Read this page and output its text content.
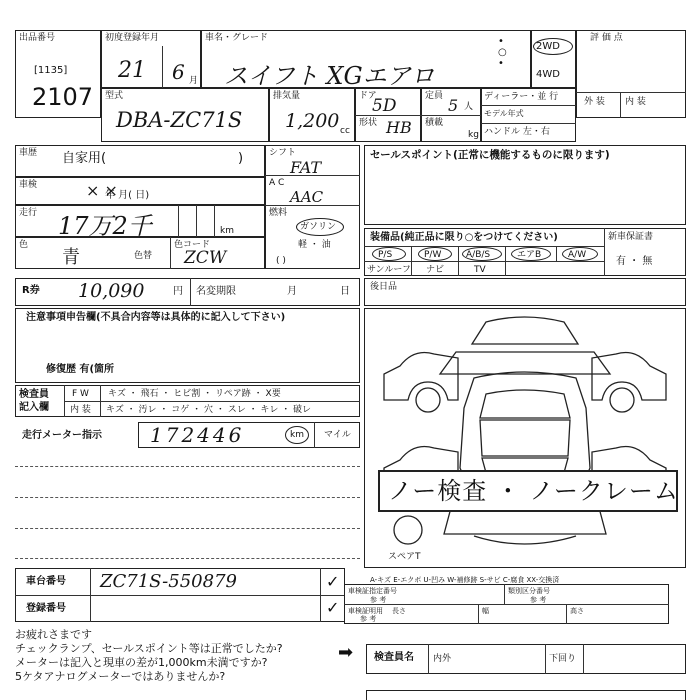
出品番号
[1135]
2107
初度登録年月
21 6 月
車名・グレード
スイフト XGエアロ
2WD
4WD
•
○
•
評 価 点
外 装 内 装
型式
DBA-ZC71S
排気量
1,200 cc
ドア
5D
形状 HB
定員 5 人
積載
kg
ディーラー・並 行
モデル年式
ハンドル 左・右
車歴 自家用(	)
車検
年 月( 日)
× ×
走行 17万2千	km
色
青	色替
色コード
ZCW
シフト
FAT
A C
AAC
燃料
ガソリン
軽 ・ 油
( )
セールスポイント(正常に機能するものに限ります)
装備品(純正品に限り○をつけてください)
P/S	P/W	A/B/S	エアB	A/W
サンルーフ ナビ	TV
新車保証書
有 ・ 無
R券 10,090	円 名変期限	月	日 後日品
注意事項申告欄(不具合内容等は具体的に記入して下さい)
修復歴 有(箇所
検査員
記入欄
F W キズ ・ 飛石 ・ ヒビ割 ・ リペア跡 ・ X要
内 装 キズ ・ 汚レ ・ コゲ ・ 穴 ・ スレ ・ キレ ・ 破レ
走行メーター指示 172446	km マイル
ノー検査 ・ ノークレーム
スペアT
車台番号 ZC71S-550879
登録番号
✓
✓
A-キズ E-エクボ U-凹み W-補修跡 S-サビ C-腐食 XX-交換済
車検証指定番号	類別区分番号
参 考	参 考
車検証明用 長さ	幅	高さ
参 考
お疲れさまです
チェックランプ、セールスポイント等は正常でしたか?
メーターは記入と現車の差が1,000km未満ですか?
5ケタアナログメーターではありませんか?
➡ 検査員名 内外	下回り
